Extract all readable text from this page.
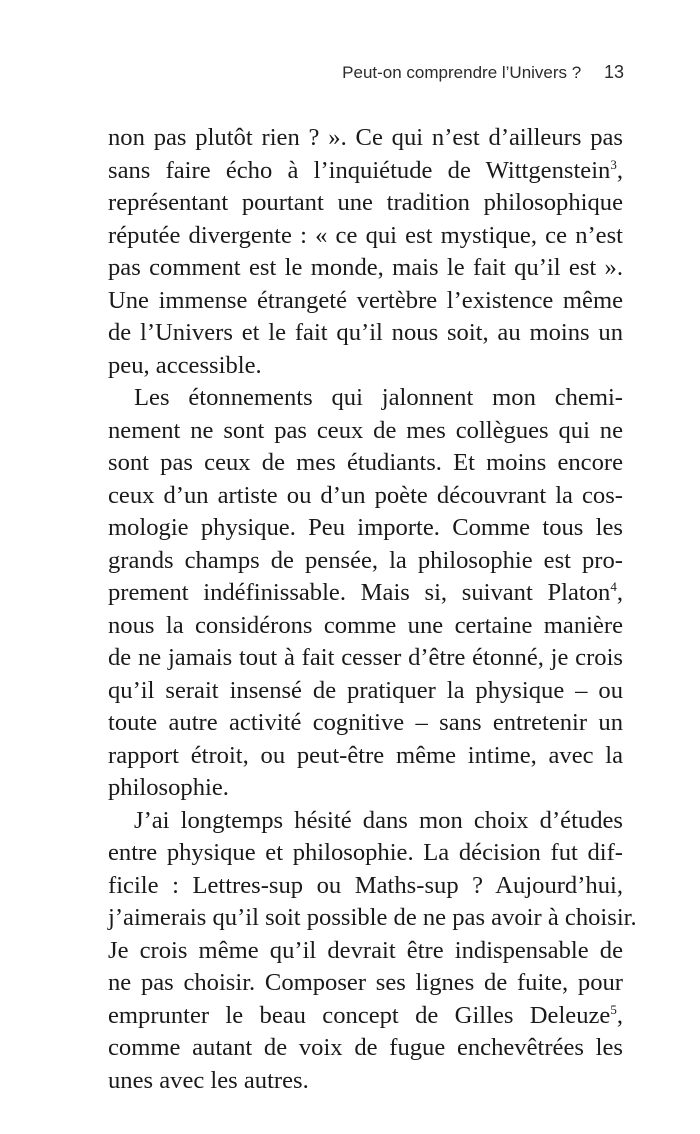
Peut-on comprendre l’Univers ? 13
non pas plutôt rien ? ». Ce qui n’est d’ailleurs pas
sans faire écho à l’inquiétude de Wittgenstein$^3$,
représentant pourtant une tradition philosophique
réputée divergente : « ce qui est mystique, ce n’est
pas comment est le monde, mais le fait qu’il est ».
Une immense étrangeté vertèbre l’existence même
de l’Univers et le fait qu’il nous soit, au moins un
peu, accessible.
Les étonnements qui jalonnent mon chemi-
nement ne sont pas ceux de mes collègues qui ne
sont pas ceux de mes étudiants. Et moins encore
ceux d’un artiste ou d’un poète découvrant la cos-
mologie physique. Peu importe. Comme tous les
grands champs de pensée, la philosophie est pro-
prement indéfinissable. Mais si, suivant Platon$^4$,
nous la considérons comme une certaine manière
de ne jamais tout à fait cesser d’être étonné, je crois
qu’il serait insensé de pratiquer la physique – ou
toute autre activité cognitive – sans entretenir un
rapport étroit, ou peut-être même intime, avec la
philosophie.
J’ai longtemps hésité dans mon choix d’études
entre physique et philosophie. La décision fut dif-
ficile : Lettres-sup ou Maths-sup ? Aujourd’hui,
j’aimerais qu’il soit possible de ne pas avoir à choisir.
Je crois même qu’il devrait être indispensable de
ne pas choisir. Composer ses lignes de fuite, pour
emprunter le beau concept de Gilles Deleuze$^5$,
comme autant de voix de fugue enchevêtrées les
unes avec les autres.
